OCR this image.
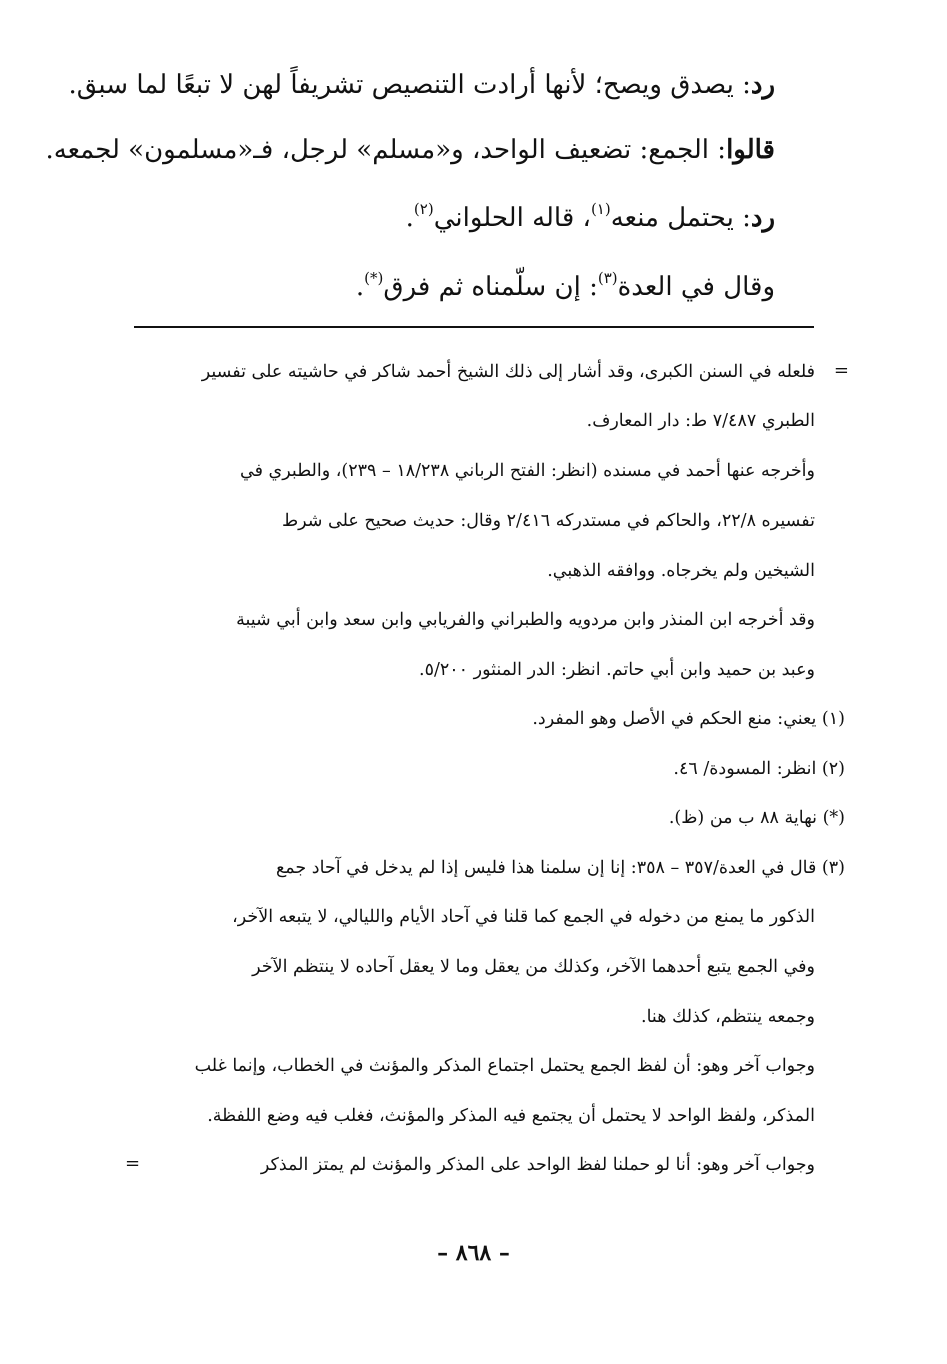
رد: يصدق ويصح؛ لأنها أرادت التنصيص تشريفاً لهن لا تبعًا لما سبق.
قالوا: الجمع: تضعيف الواحد، و«مسلم» لرجل، فـ«مسلمون» لجمعه.
رد: يحتمل منعه$^{(١)}$، قاله الحلواني$^{(٢)}$.
وقال في العدة$^{(٣)}$: إن سلّمناه ثم فرق(*).
=
فلعله في السنن الكبرى، وقد أشار إلى ذلك الشيخ أحمد شاكر في حاشيته على تفسير
الطبري ٧/٤٨٧ ط: دار المعارف.
وأخرجه عنها أحمد في مسنده (انظر: الفتح الرباني ١٨/٢٣٨ – ٢٣٩)، والطبري في
تفسيره ٢٢/٨، والحاكم في مستدركه ٢/٤١٦ وقال: حديث صحيح على شرط
الشيخين ولم يخرجاه. ووافقه الذهبي.
وقد أخرجه ابن المنذر وابن مردويه والطبراني والفريابي وابن سعد وابن أبي شيبة
وعبد بن حميد وابن أبي حاتم. انظر: الدر المنثور ٥/٢٠٠.
(١) يعني: منع الحكم في الأصل وهو المفرد.
(٢) انظر: المسودة/ ٤٦.
(*) نهاية ٨٨ ب من (ظ).
(٣) قال في العدة/٣٥٧ – ٣٥٨: إنا إن سلمنا هذا فليس إذا لم يدخل في آحاد جمع
الذكور ما يمنع من دخوله في الجمع كما قلنا في آحاد الأيام والليالي، لا يتبعه الآخر،
وفي الجمع يتبع أحدهما الآخر، وكذلك من يعقل وما لا يعقل آحاده لا ينتظم الآخر
وجمعه ينتظم، كذلك هنا.
وجواب آخر وهو: أن لفظ الجمع يحتمل اجتماع المذكر والمؤنث في الخطاب، وإنما غلب
المذكر، ولفظ الواحد لا يحتمل أن يجتمع فيه المذكر والمؤنث، فغلب فيه وضع اللفظة.
وجواب آخر وهو: أنا لو حملنا لفظ الواحد على المذكر والمؤنث لم يمتز المذكر
=
– ٨٦٨ –
